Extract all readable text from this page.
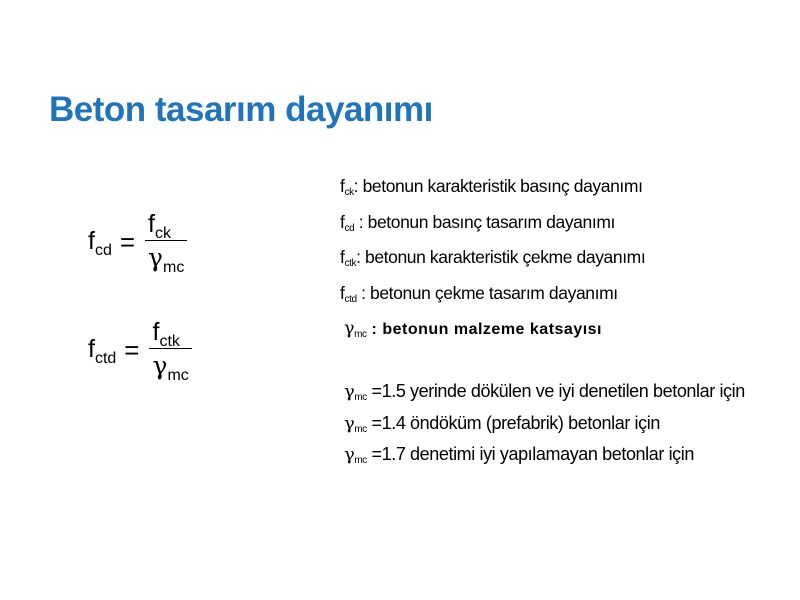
Beton tasarım dayanımı
$f_{cd} = \frac{f_{ck}}{\gamma_{mc}}$
$f_{ctd} = \frac{f_{ctk}}{\gamma_{mc}}$
$f_{ck}$: betonun karakteristik basınç dayanımı
$f_{cd}$ : betonun basınç tasarım dayanımı
$f_{ctk}$: betonun karakteristik çekme dayanımı
$f_{ctd}$ : betonun çekme tasarım dayanımı
$\gamma_{mc}$ : betonun malzeme katsayısı
$\gamma_{mc} =1.5$ yerinde dökülen ve iyi denetilen betonlar için
$\gamma_{mc} =1.4$ öndöküm (prefabrik) betonlar için
$\gamma_{mc} =1.7$ denetimi iyi yapılamayan betonlar için
